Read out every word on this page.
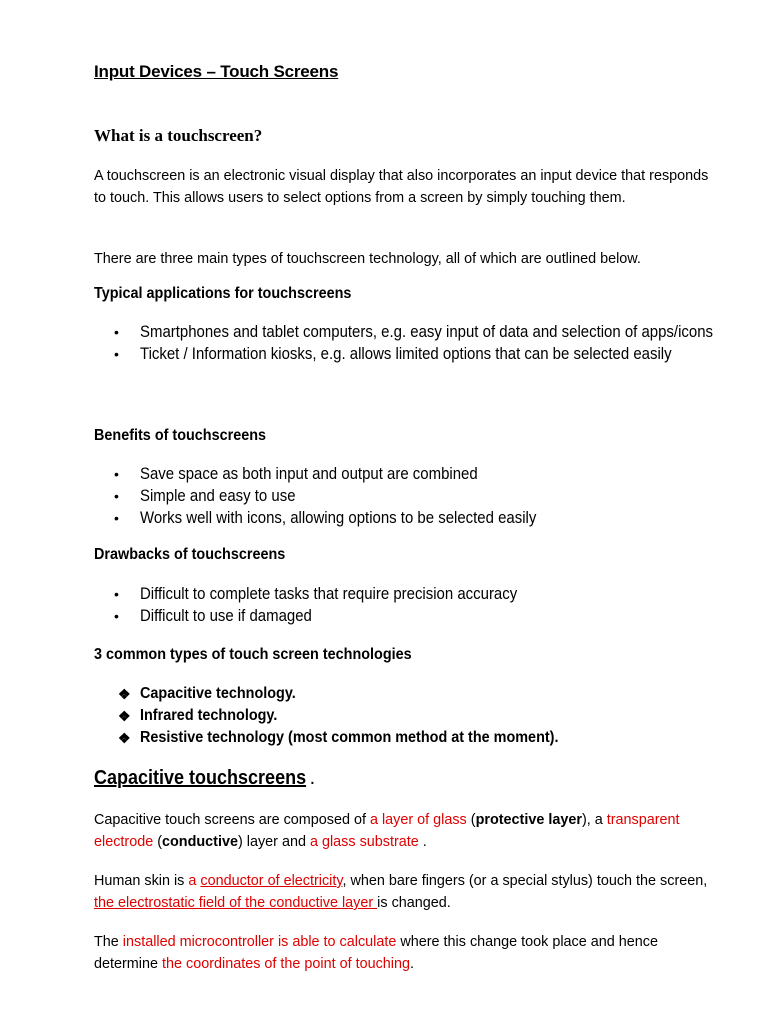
Input Devices – Touch Screens
What is a touchscreen?
A touchscreen is an electronic visual display that also incorporates an input device that responds to touch. This allows users to select options from a screen by simply touching them.
There are three main types of touchscreen technology, all of which are outlined below.
Typical applications for touchscreens
• Smartphones and tablet computers, e.g. easy input of data and selection of apps/icons
• Ticket / Information kiosks, e.g. allows limited options that can be selected easily
Benefits of touchscreens
• Save space as both input and output are combined
• Simple and easy to use
• Works well with icons, allowing options to be selected easily
Drawbacks of touchscreens
• Difficult to complete tasks that require precision accuracy
• Difficult to use if damaged
3 common types of touch screen technologies
❖ Capacitive technology.
❖ Infrared technology.
❖ Resistive technology (most common method at the moment).
Capacitive touchscreens .
Capacitive touch screens are composed of a layer of glass (protective layer), a transparent electrode (conductive) layer and a glass substrate .
Human skin is a conductor of electricity, when bare fingers (or a special stylus) touch the screen, the electrostatic field of the conductive layer is changed.
The installed microcontroller is able to calculate where this change took place and hence determine the coordinates of the point of touching.
